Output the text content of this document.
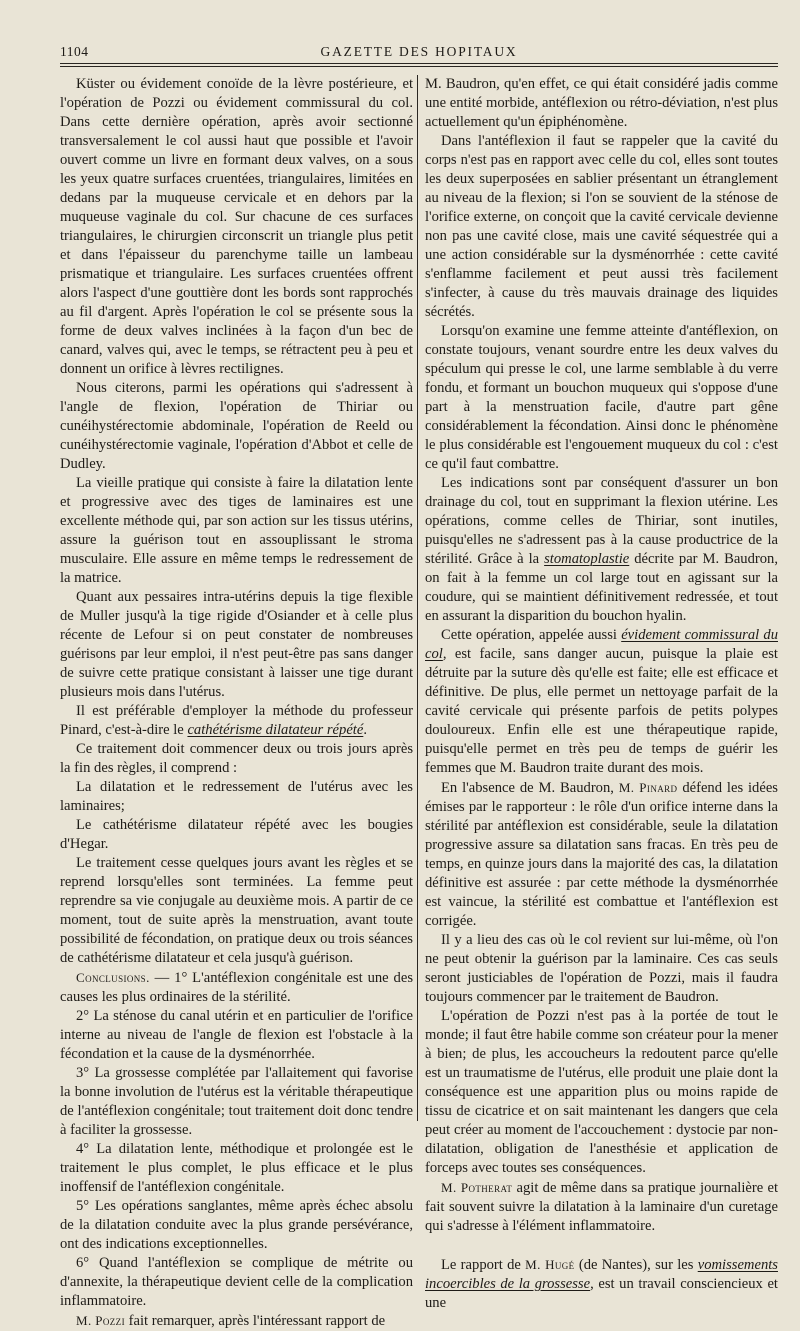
1104	GAZETTE DES HOPITAUX

Küster ou évidement conoïde de la lèvre postérieure, et l'opération de Pozzi ou évidement commissural du col. Dans cette dernière opération, après avoir sectionné transversalement le col aussi haut que possible et l'avoir ouvert comme un livre en formant deux valves, on a sous les yeux quatre surfaces cruentées, triangulaires, limitées en dedans par la muqueuse cervicale et en dehors par la muqueuse vaginale du col. Sur chacune de ces surfaces triangulaires, le chirurgien circonscrit un triangle plus petit et dans l'épaisseur du parenchyme taille un lambeau prismatique et triangulaire. Les surfaces cruentées offrent alors l'aspect d'une gouttière dont les bords sont rapprochés au fil d'argent. Après l'opération le col se présente sous la forme de deux valves inclinées à la façon d'un bec de canard, valves qui, avec le temps, se rétractent peu à peu et donnent un orifice à lèvres rectilignes.

Nous citerons, parmi les opérations qui s'adressent à l'angle de flexion, l'opération de Thiriar ou cunéihystérectomie abdominale, l'opération de Reeld ou cunéihystérectomie vaginale, l'opération d'Abbot et celle de Dudley.

La vieille pratique qui consiste à faire la dilatation lente et progressive avec des tiges de laminaires est une excellente méthode qui, par son action sur les tissus utérins, assure la guérison tout en assouplissant le stroma musculaire. Elle assure en même temps le redressement de la matrice.

Quant aux pessaires intra-utérins depuis la tige flexible de Muller jusqu'à la tige rigide d'Osiander et à celle plus récente de Lefour si on peut constater de nombreuses guérisons par leur emploi, il n'est peut-être pas sans danger de suivre cette pratique consistant à laisser une tige durant plusieurs mois dans l'utérus.

Il est préférable d'employer la méthode du professeur Pinard, c'est-à-dire le cathétérisme dilatateur répété.

Ce traitement doit commencer deux ou trois jours après la fin des règles, il comprend :

La dilatation et le redressement de l'utérus avec les laminaires;

Le cathétérisme dilatateur répété avec les bougies d'Hegar.

Le traitement cesse quelques jours avant les règles et se reprend lorsqu'elles sont terminées. La femme peut reprendre sa vie conjugale au deuxième mois. A partir de ce moment, tout de suite après la menstruation, avant toute possibilité de fécondation, on pratique deux ou trois séances de cathétérisme dilatateur et cela jusqu'à guérison.

Conclusions. — 1° L'antéflexion congénitale est une des causes les plus ordinaires de la stérilité.

2° La sténose du canal utérin et en particulier de l'orifice interne au niveau de l'angle de flexion est l'obstacle à la fécondation et la cause de la dysménorrhée.

3° La grossesse complétée par l'allaitement qui favorise la bonne involution de l'utérus est la véritable thérapeutique de l'antéflexion congénitale; tout traitement doit donc tendre à faciliter la grossesse.

4° La dilatation lente, méthodique et prolongée est le traitement le plus complet, le plus efficace et le plus inoffensif de l'antéflexion congénitale.

5° Les opérations sanglantes, même après échec absolu de la dilatation conduite avec la plus grande persévérance, ont des indications exceptionnelles.

6° Quand l'antéflexion se complique de métrite ou d'annexite, la thérapeutique devient celle de la complication inflammatoire.

M. Pozzi fait remarquer, après l'intéressant rapport de

M. Baudron, qu'en effet, ce qui était considéré jadis comme une entité morbide, antéflexion ou rétro-déviation, n'est plus actuellement qu'un épiphénomène.

Dans l'antéflexion il faut se rappeler que la cavité du corps n'est pas en rapport avec celle du col, elles sont toutes les deux superposées en sablier présentant un étranglement au niveau de la flexion; si l'on se souvient de la sténose de l'orifice externe, on conçoit que la cavité cervicale devienne non pas une cavité close, mais une cavité séquestrée qui a une action considérable sur la dysménorrhée : cette cavité s'enflamme facilement et peut aussi très facilement s'infecter, à cause du très mauvais drainage des liquides sécrétés.

Lorsqu'on examine une femme atteinte d'antéflexion, on constate toujours, venant sourdre entre les deux valves du spéculum qui presse le col, une larme semblable à du verre fondu, et formant un bouchon muqueux qui s'oppose d'une part à la menstruation facile, d'autre part gêne considérablement la fécondation. Ainsi donc le phénomène le plus considérable est l'engouement muqueux du col : c'est ce qu'il faut combattre.

Les indications sont par conséquent d'assurer un bon drainage du col, tout en supprimant la flexion utérine. Les opérations, comme celles de Thiriar, sont inutiles, puisqu'elles ne s'adressent pas à la cause productrice de la stérilité. Grâce à la stomatoplastie décrite par M. Baudron, on fait à la femme un col large tout en agissant sur la coudure, qui se maintient définitivement redressée, et tout en assurant la disparition du bouchon hyalin.

Cette opération, appelée aussi évidement commissural du col, est facile, sans danger aucun, puisque la plaie est détruite par la suture dès qu'elle est faite; elle est efficace et définitive. De plus, elle permet un nettoyage parfait de la cavité cervicale qui présente parfois de petits polypes douloureux. Enfin elle est une thérapeutique rapide, puisqu'elle permet en très peu de temps de guérir les femmes que M. Baudron traite durant des mois.

En l'absence de M. Baudron, M. Pinard défend les idées émises par le rapporteur : le rôle d'un orifice interne dans la stérilité par antéflexion est considérable, seule la dilatation progressive assure sa dilatation sans fracas. En très peu de temps, en quinze jours dans la majorité des cas, la dilatation définitive est assurée : par cette méthode la dysménorrhée est vaincue, la stérilité est combattue et l'antéflexion est corrigée.

Il y a lieu des cas où le col revient sur lui-même, où l'on ne peut obtenir la guérison par la laminaire. Ces cas seuls seront justiciables de l'opération de Pozzi, mais il faudra toujours commencer par le traitement de Baudron.

L'opération de Pozzi n'est pas à la portée de tout le monde; il faut être habile comme son créateur pour la mener à bien; de plus, les accoucheurs la redoutent parce qu'elle est un traumatisme de l'utérus, elle produit une plaie dont la conséquence est une apparition plus ou moins rapide de tissu de cicatrice et on sait maintenant les dangers que cela peut créer au moment de l'accouchement : dystocie par non-dilatation, obligation de l'anesthésie et application de forceps avec toutes ses conséquences.

M. Potherat agit de même dans sa pratique journalière et fait souvent suivre la dilatation à la laminaire d'un curetage qui s'adresse à l'élément inflammatoire.

Le rapport de M. Hugé (de Nantes), sur les vomissements incoercibles de la grossesse, est un travail consciencieux et une
